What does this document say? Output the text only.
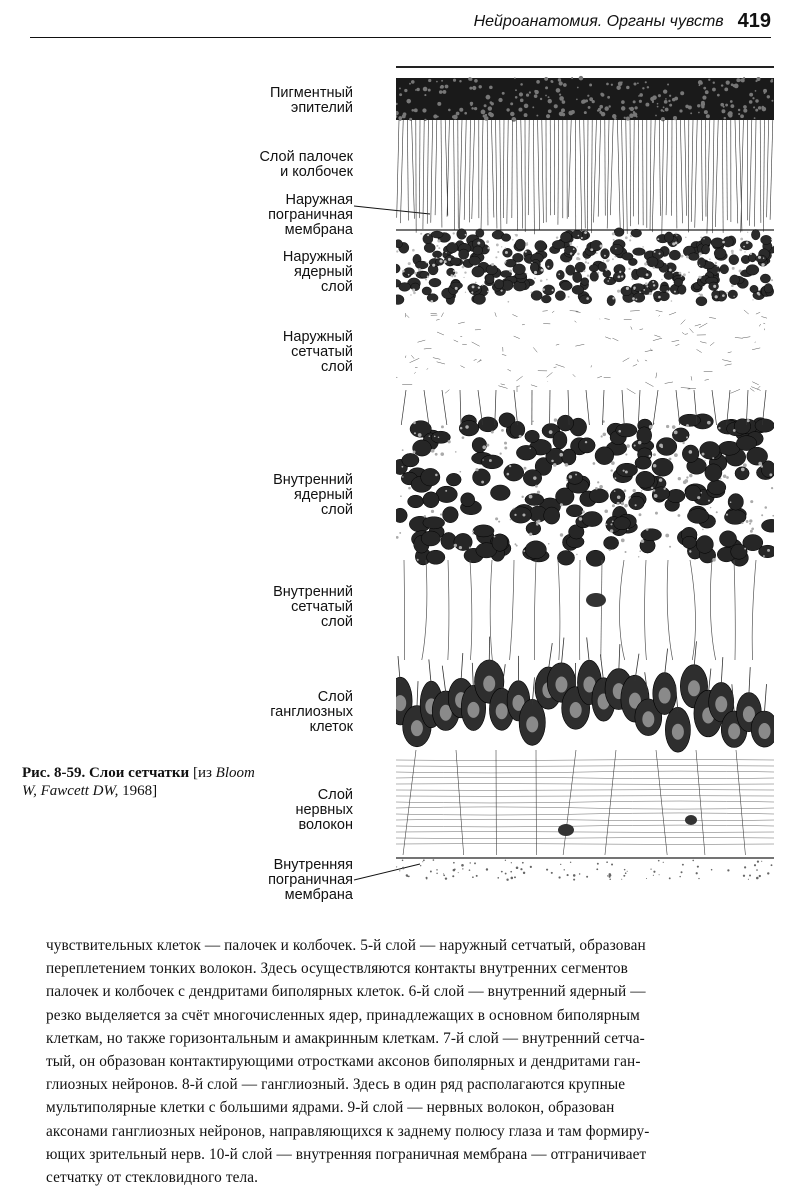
Нейроанатомия. Органы чувств 419
Пигментный
эпителий
Слой палочек
и колбочек
Наружная
пограничная
мембрана
Наружный
ядерный
слой
Наружный
сетчатый
слой
Внутренний
ядерный
слой
Внутренний
сетчатый
слой
Слой
ганглиозных
клеток
Слой
нервных
волокон
Внутренняя
пограничная
мембрана
Рис. 8-59. Слои сетчатки [из Bloom W, Fawcett DW, 1968]
чувствительных клеток — палочек и колбочек. 5-й слой — наружный сетчатый, образован
переплетением тонких волокон. Здесь осуществляются контакты внутренних сегментов
палочек и колбочек с дендритами биполярных клеток. 6-й слой — внутренний ядерный —
резко выделяется за счёт многочисленных ядер, принадлежащих в основном биполярным
клеткам, но также горизонтальным и амакринным клеткам. 7-й слой — внутренний сетча-
тый, он образован контактирующими отростками аксонов биполярных и дендритами ган-
глиозных нейронов. 8-й слой — ганглиозный. Здесь в один ряд располагаются крупные
мультиполярные клетки с большими ядрами. 9-й слой — нервных волокон, образован
аксонами ганглиозных нейронов, направляющихся к заднему полюсу глаза и там формиру-
ющих зрительный нерв. 10-й слой — внутренняя пограничная мембрана — отграничивает
сетчатку от стекловидного тела.
